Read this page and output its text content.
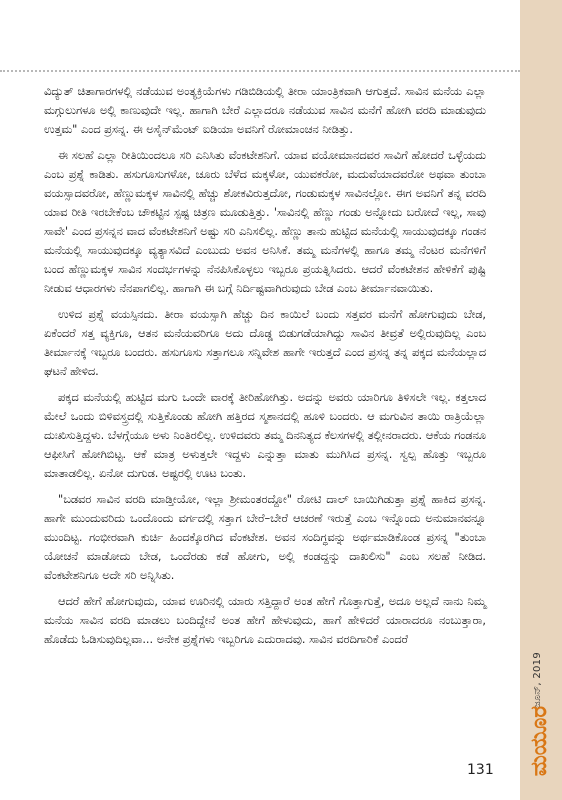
ವಿದ್ಯುತ್ ಚಿತಾಗಾರಗಳಲ್ಲಿ ನಡೆಯುವ ಅಂತ್ಯಕ್ರಿಯೆಗಳು ಗಡಿಬಿಡಿಯಲ್ಲಿ ತೀರಾ ಯಾಂತ್ರಿಕವಾಗಿ ಆಗುತ್ತದೆ. ಸಾವಿನ ಮನೆಯ ಎಲ್ಲಾ ಮಗ್ಗುಲುಗಳೂ ಅಲ್ಲಿ ಕಾಣುವುದೇ ಇಲ್ಲ. ಹಾಗಾಗಿ ಬೇರೆ ಎಲ್ಲಾದರೂ ನಡೆಯುವ ಸಾವಿನ ಮನೆಗೆ ಹೋಗಿ ವರದಿ ಮಾಡುವುದು ಉತ್ತಮ" ಎಂದ ಪ್ರಸನ್ನ. ಈ ಅಸೈನ್‌ಮೆಂಟ್ ಐಡಿಯಾ ಅವನಿಗೆ ರೋಮಾಂಚನ ನೀಡಿತ್ತು.

ಈ ಸಲಹೆ ಎಲ್ಲಾ ರೀತಿಯಿಂದಲೂ ಸರಿ ಎನಿಸಿತು ವೆಂಕಟೇಶನಿಗೆ. ಯಾವ ವಯೋಮಾನದವರ ಸಾವಿಗೆ ಹೋದರೆ ಒಳ್ಳೆಯದು ಎಂಬ ಪ್ರಶ್ನೆ ಕಾಡಿತು. ಹಸುಗೂಸುಗಳೋ, ಚೂರು ಬೆಳೆದ ಮಕ್ಕಳೋ, ಯುವಕರೋ, ಮದುವೆಯಾದವರೋ ಅಥವಾ ತುಂಬಾ ವಯಸ್ಸಾದವರೋ, ಹೆಣ್ಣುಮಕ್ಕಳ ಸಾವಿನಲ್ಲಿ ಹೆಚ್ಚು ಶೋಕವಿರುತ್ತದೋ, ಗಂಡುಮಕ್ಕಳ ಸಾವಿನಲ್ಲೋ. ಈಗ ಅವನಿಗೆ ತನ್ನ ವರದಿ ಯಾವ ರೀತಿ ಇರಬೇಕೆಂಬ ಚೌಕಟ್ಟಿನ ಸ್ಪಷ್ಟ ಚಿತ್ರಣ ಮೂಡುತ್ತಿತ್ತು. 'ಸಾವಿನಲ್ಲಿ ಹೆಣ್ಣು ಗಂಡು ಅನ್ನೋದು ಬರೋದೆ ಇಲ್ಲ, ಸಾವು ಸಾವೇ' ಎಂದ ಪ್ರಸನ್ನನ ವಾದ ವೆಂಕಟೇಶನಿಗೆ ಅಷ್ಟು ಸರಿ ಎನಿಸಲಿಲ್ಲ. ಹೆಣ್ಣು ತಾನು ಹುಟ್ಟಿದ ಮನೆಯಲ್ಲಿ ಸಾಯುವುದಕ್ಕೂ ಗಂಡನ ಮನೆಯಲ್ಲಿ ಸಾಯುವುದಕ್ಕೂ ವ್ಯತ್ಯಾಸವಿದೆ ಎಂಬುದು ಅವನ ಅನಿಸಿಕೆ. ತಮ್ಮ ಮನೆಗಳಲ್ಲಿ ಹಾಗೂ ತಮ್ಮ ನೆಂಟರ ಮನೆಗಳಿಗೆ ಬಂದ ಹೆಣ್ಣುಮಕ್ಕಳ ಸಾವಿನ ಸಂದರ್ಭಗಳನ್ನು ನೆನಪಿಸಿಕೊಳ್ಳಲು ಇಬ್ಬರೂ ಪ್ರಯತ್ನಿಸಿದರು. ಆದರೆ ವೆಂಕಟೇಶನ ಹೇಳಿಕೆಗೆ ಪುಷ್ಟಿ ನೀಡುವ ಆಧಾರಗಳು ನೆನಪಾಗಲಿಲ್ಲ. ಹಾಗಾಗಿ ಈ ಬಗ್ಗೆ ನಿರ್ದಿಷ್ಟವಾಗಿರುವುದು ಬೇಡ ಎಂಬ ತೀರ್ಮಾನವಾಯಿತು.

ಉಳಿದ ಪ್ರಶ್ನೆ ವಯಸ್ಸಿನದು. ತೀರಾ ವಯಸ್ಸಾಗಿ ಹೆಚ್ಚು ದಿನ ಕಾಯಿಲೆ ಬಂದು ಸತ್ತವರ ಮನೆಗೆ ಹೋಗುವುದು ಬೇಡ, ಏಕೆಂದರೆ ಸತ್ತ ವ್ಯಕ್ತಿಗೂ, ಆತನ ಮನೆಯವರಿಗೂ ಅದು ದೊಡ್ಡ ಬಿಡುಗಡೆಯಾಗಿದ್ದು ಸಾವಿನ ತೀವ್ರತೆ ಅಲ್ಲಿರುವುದಿಲ್ಲ ಎಂಬ ತೀರ್ಮಾನಕ್ಕೆ ಇಬ್ಬರೂ ಬಂದರು. ಹಸುಗೂಸು ಸತ್ತಾಗಲೂ ಸನ್ನಿವೇಶ ಹಾಗೇ ಇರುತ್ತದೆ ಎಂದ ಪ್ರಸನ್ನ ತನ್ನ ಪಕ್ಕದ ಮನೆಯಲ್ಲಾದ ಘಟನೆ ಹೇಳಿದ.

ಪಕ್ಕದ ಮನೆಯಲ್ಲಿ ಹುಟ್ಟಿದ ಮಗು ಒಂದೇ ವಾರಕ್ಕೆ ತೀರಿಹೋಗಿತ್ತು. ಅದನ್ನು ಅವರು ಯಾರಿಗೂ ತಿಳಿಸಲೇ ಇಲ್ಲ. ಕತ್ತಲಾದ ಮೇಲೆ ಒಂದು ಬಿಳಿವಸ್ತ್ರದಲ್ಲಿ ಸುತ್ತಿಕೊಂಡು ಹೋಗಿ ಹತ್ತಿರದ ಸ್ಮಶಾನದಲ್ಲಿ ಹೂಳಿ ಬಂದರು. ಆ ಮಗುವಿನ ತಾಯಿ ರಾತ್ರಿಯೆಲ್ಲಾ ದುಃಖಿಸುತ್ತಿದ್ದಳು. ಬೆಳಗ್ಗೆಯೂ ಅಳು ನಿಂತಿರಲಿಲ್ಲ. ಉಳಿದವರು ತಮ್ಮ ದಿನನಿತ್ಯದ ಕೆಲಸಗಳಲ್ಲಿ ತಲ್ಲೀನರಾದರು. ಆಕೆಯ ಗಂಡನೂ ಆಫೀಸಿಗೆ ಹೋಗಿಬಿಟ್ಟ. ಆಕೆ ಮಾತ್ರ ಅಳುತ್ತಲೇ ಇದ್ದಳು ಎನ್ನುತ್ತಾ ಮಾತು ಮುಗಿಸಿದ ಪ್ರಸನ್ನ. ಸ್ವಲ್ಪ ಹೊತ್ತು ಇಬ್ಬರೂ ಮಾತಾಡಲಿಲ್ಲ. ಏನೋ ದುಗುಡ. ಅಷ್ಟರಲ್ಲಿ ಊಟ ಬಂತು.

"ಬಡವರ ಸಾವಿನ ವರದಿ ಮಾಡ್ತೀಯೋ, ಇಲ್ಲಾ ಶ್ರೀಮಂತರದ್ದೋ" ರೋಟಿ ದಾಲ್ ಬಾಯಿಗಿಡುತ್ತಾ ಪ್ರಶ್ನೆ ಹಾಕಿದ ಪ್ರಸನ್ನ. ಹಾಗೇ ಮುಂದುವರಿದು ಒಂದೊಂದು ವರ್ಗದಲ್ಲಿ ಸತ್ತಾಗ ಬೇರೆ–ಬೇರೆ ಆಚರಣೆ ಇರುತ್ತೆ ಎಂಬ ಇನ್ನೊಂದು ಅನುಮಾನವನ್ನೂ ಮುಂದಿಟ್ಟ. ಗಂಭೀರವಾಗಿ ಕುರ್ಚಿ ಹಿಂದಕ್ಕೊರಗಿದ ವೆಂಕಟೇಶ. ಅವನ ಸಂದಿಗ್ಧವನ್ನು ಅರ್ಥಮಾಡಿಕೊಂಡ ಪ್ರಸನ್ನ "ತುಂಬಾ ಯೋಚನೆ ಮಾಡೋದು ಬೇಡ, ಒಂದೆರಡು ಕಡೆ ಹೋಗು, ಅಲ್ಲಿ ಕಂಡದ್ದನ್ನು ದಾಖಲಿಸು" ಎಂಬ ಸಲಹೆ ನೀಡಿದ. ವೆಂಕಟೇಶನಿಗೂ ಅದೇ ಸರಿ ಅನ್ನಿಸಿತು.

ಆದರೆ ಹೇಗೆ ಹೋಗುವುದು, ಯಾವ ಊರಿನಲ್ಲಿ ಯಾರು ಸತ್ತಿದ್ದಾರೆ ಅಂತ ಹೇಗೆ ಗೊತ್ತಾಗುತ್ತೆ, ಅದೂ ಅಲ್ಲದೆ ನಾನು ನಿಮ್ಮ ಮನೆಯ ಸಾವಿನ ವರದಿ ಮಾಡಲು ಬಂದಿದ್ದೇನೆ ಅಂತ ಹೇಗೆ ಹೇಳುವುದು, ಹಾಗೆ ಹೇಳಿದರೆ ಯಾರಾದರೂ ನಂಬುತ್ತಾರಾ, ಹೊಡೆದು ಓಡಿಸುವುದಿಲ್ಲವಾ... ಅನೇಕ ಪ್ರಶ್ನೆಗಳು ಇಬ್ಬರಿಗೂ ಎದುರಾದವು. ಸಾವಿನ ವರದಿಗಾರಿಕೆ ಎಂದರೆ

ಜೂನ್, 2019
ಮಯೂರ
131
